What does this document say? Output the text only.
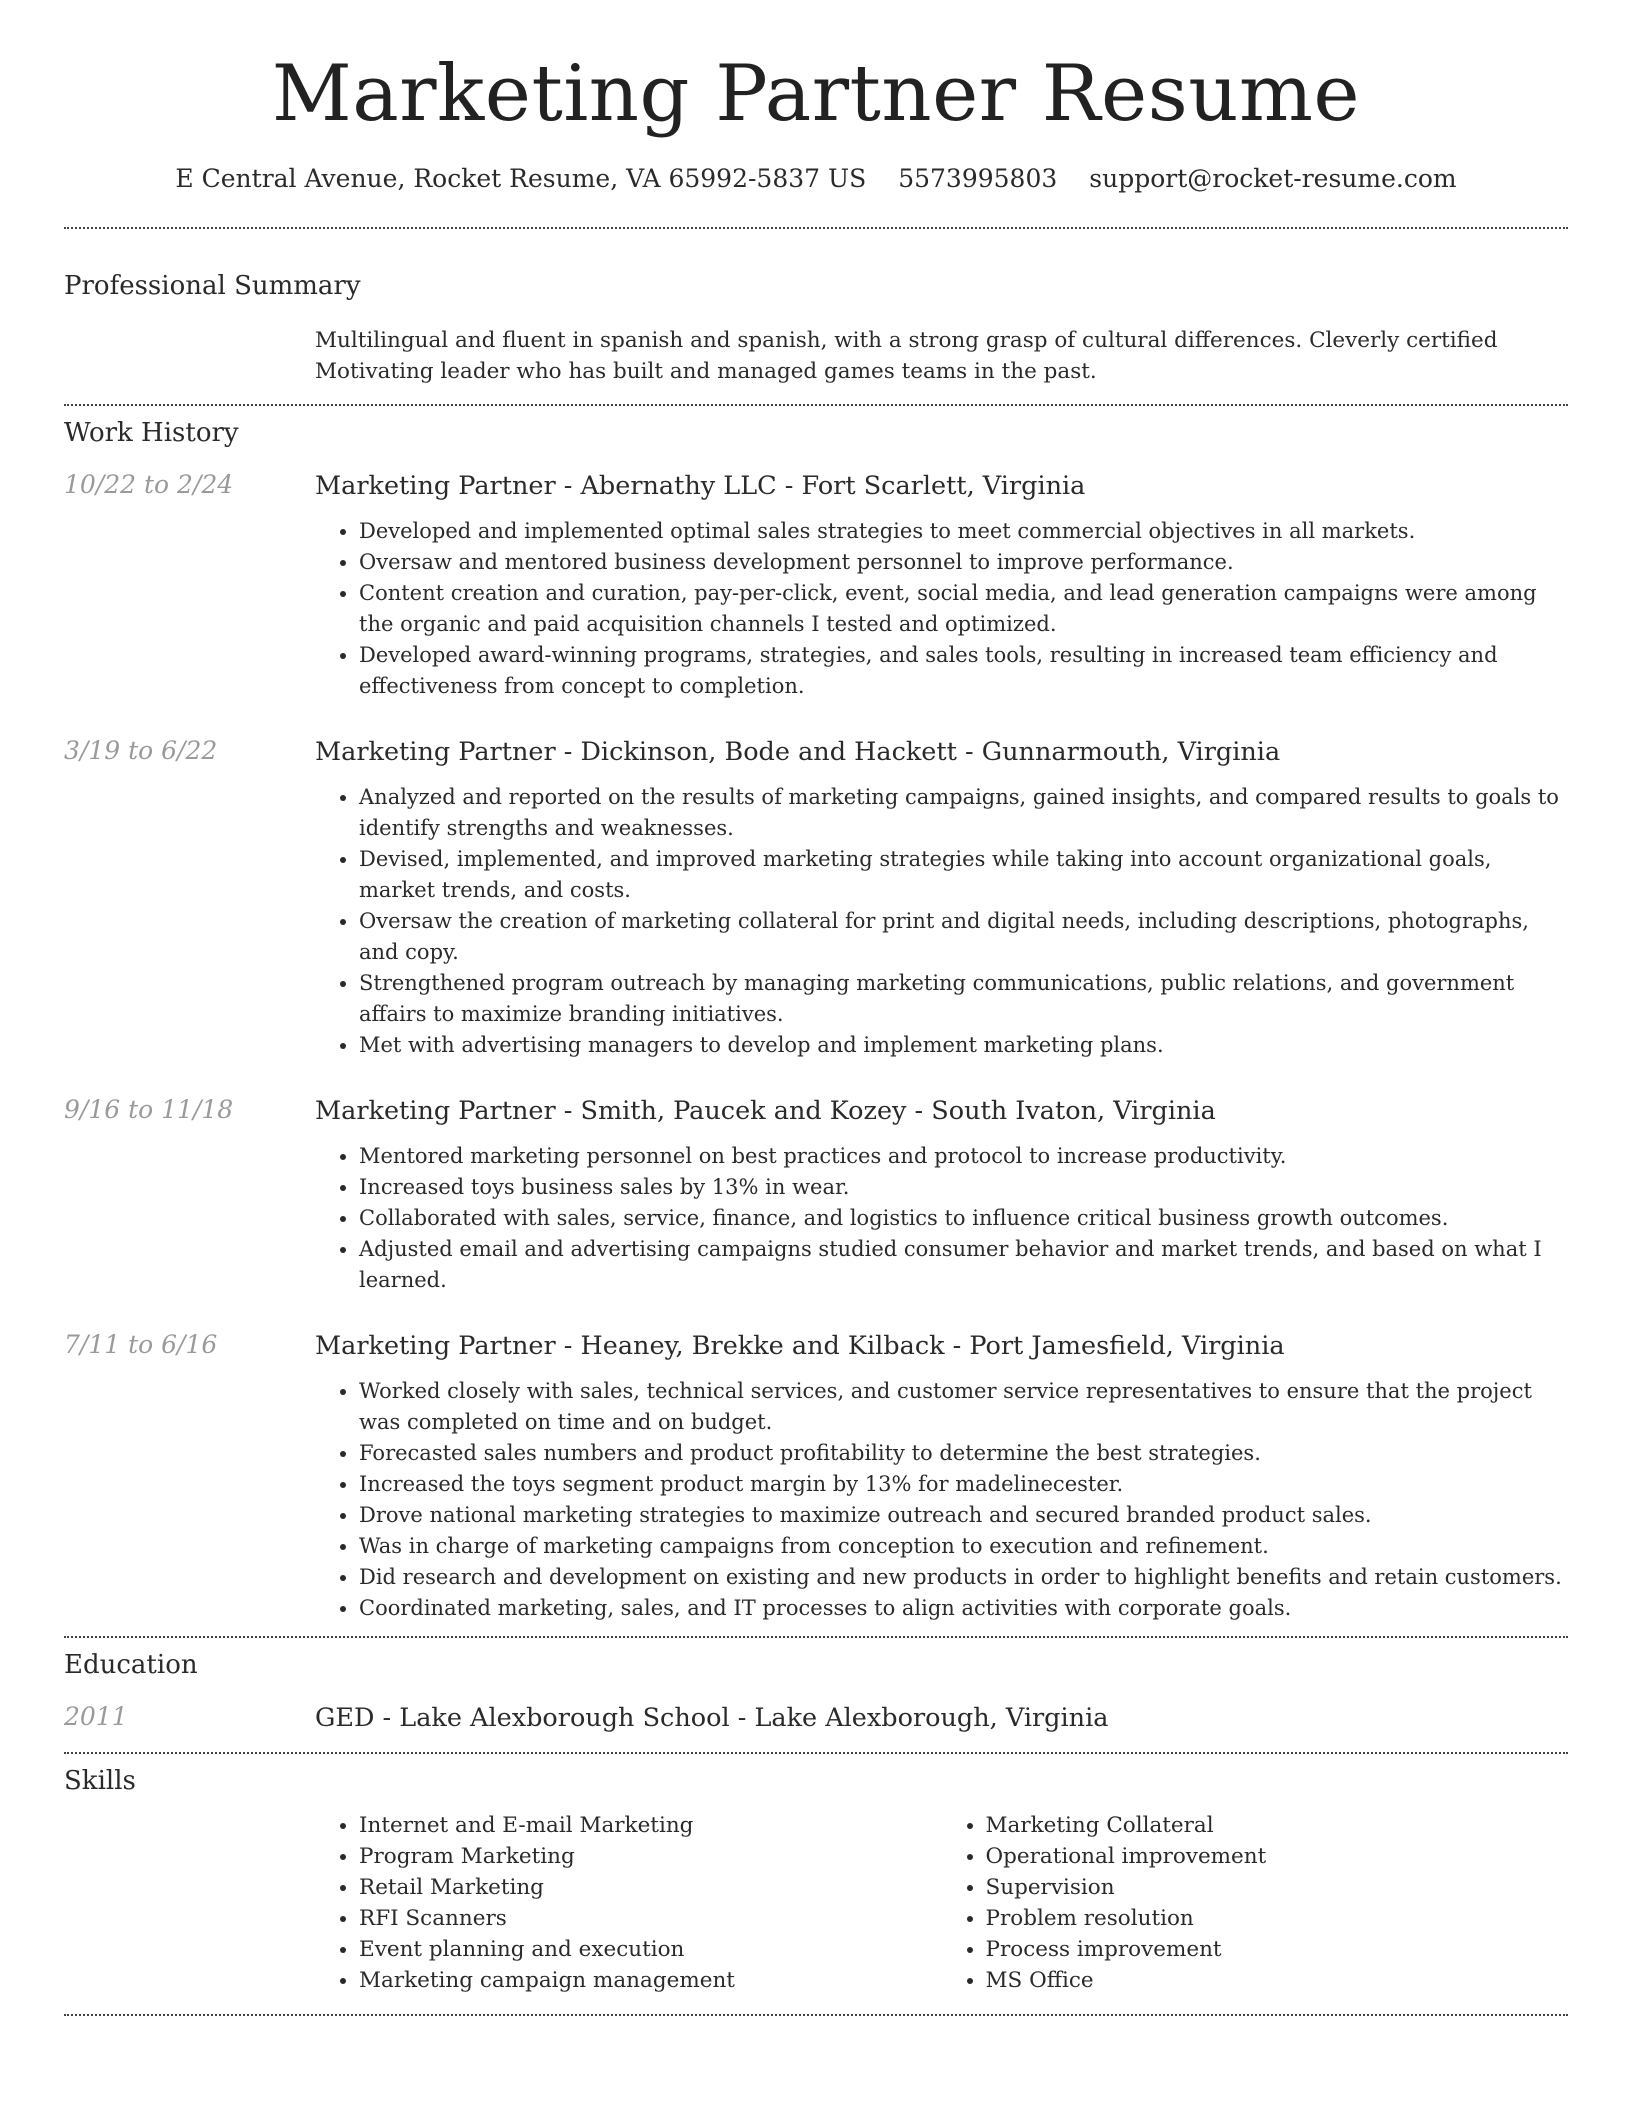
Marketing Partner Resume
E Central Avenue, Rocket Resume, VA 65992-5837 US 5573995803 support@rocket-resume.com
Professional Summary

Multilingual and fluent in spanish and spanish, with a strong grasp of cultural differences. Cleverly certified Motivating leader who has built and managed games teams in the past.

Work History
10/22 to 2/24	Marketing Partner - Abernathy LLC - Fort Scarlett, Virginia
• Developed and implemented optimal sales strategies to meet commercial objectives in all markets.
• Oversaw and mentored business development personnel to improve performance.
• Content creation and curation, pay-per-click, event, social media, and lead generation campaigns were among the organic and paid acquisition channels I tested and optimized.
• Developed award-winning programs, strategies, and sales tools, resulting in increased team efficiency and effectiveness from concept to completion.
3/19 to 6/22	Marketing Partner - Dickinson, Bode and Hackett - Gunnarmouth, Virginia
• Analyzed and reported on the results of marketing campaigns, gained insights, and compared results to goals to identify strengths and weaknesses.
• Devised, implemented, and improved marketing strategies while taking into account organizational goals, market trends, and costs.
• Oversaw the creation of marketing collateral for print and digital needs, including descriptions, photographs, and copy.
• Strengthened program outreach by managing marketing communications, public relations, and government affairs to maximize branding initiatives.
• Met with advertising managers to develop and implement marketing plans.
9/16 to 11/18	Marketing Partner - Smith, Paucek and Kozey - South Ivaton, Virginia
• Mentored marketing personnel on best practices and protocol to increase productivity.
• Increased toys business sales by 13% in wear.
• Collaborated with sales, service, finance, and logistics to influence critical business growth outcomes.
• Adjusted email and advertising campaigns studied consumer behavior and market trends, and based on what I learned.
7/11 to 6/16	Marketing Partner - Heaney, Brekke and Kilback - Port Jamesfield, Virginia
• Worked closely with sales, technical services, and customer service representatives to ensure that the project was completed on time and on budget.
• Forecasted sales numbers and product profitability to determine the best strategies.
• Increased the toys segment product margin by 13% for madelinecester.
• Drove national marketing strategies to maximize outreach and secured branded product sales.
• Was in charge of marketing campaigns from conception to execution and refinement.
• Did research and development on existing and new products in order to highlight benefits and retain customers.
• Coordinated marketing, sales, and IT processes to align activities with corporate goals.
Education
2011	GED - Lake Alexborough School - Lake Alexborough, Virginia
Skills
• Internet and E-mail Marketing
• Program Marketing
• Retail Marketing
• RFI Scanners
• Event planning and execution
• Marketing campaign management
• Marketing Collateral
• Operational improvement
• Supervision
• Problem resolution
• Process improvement
• MS Office
